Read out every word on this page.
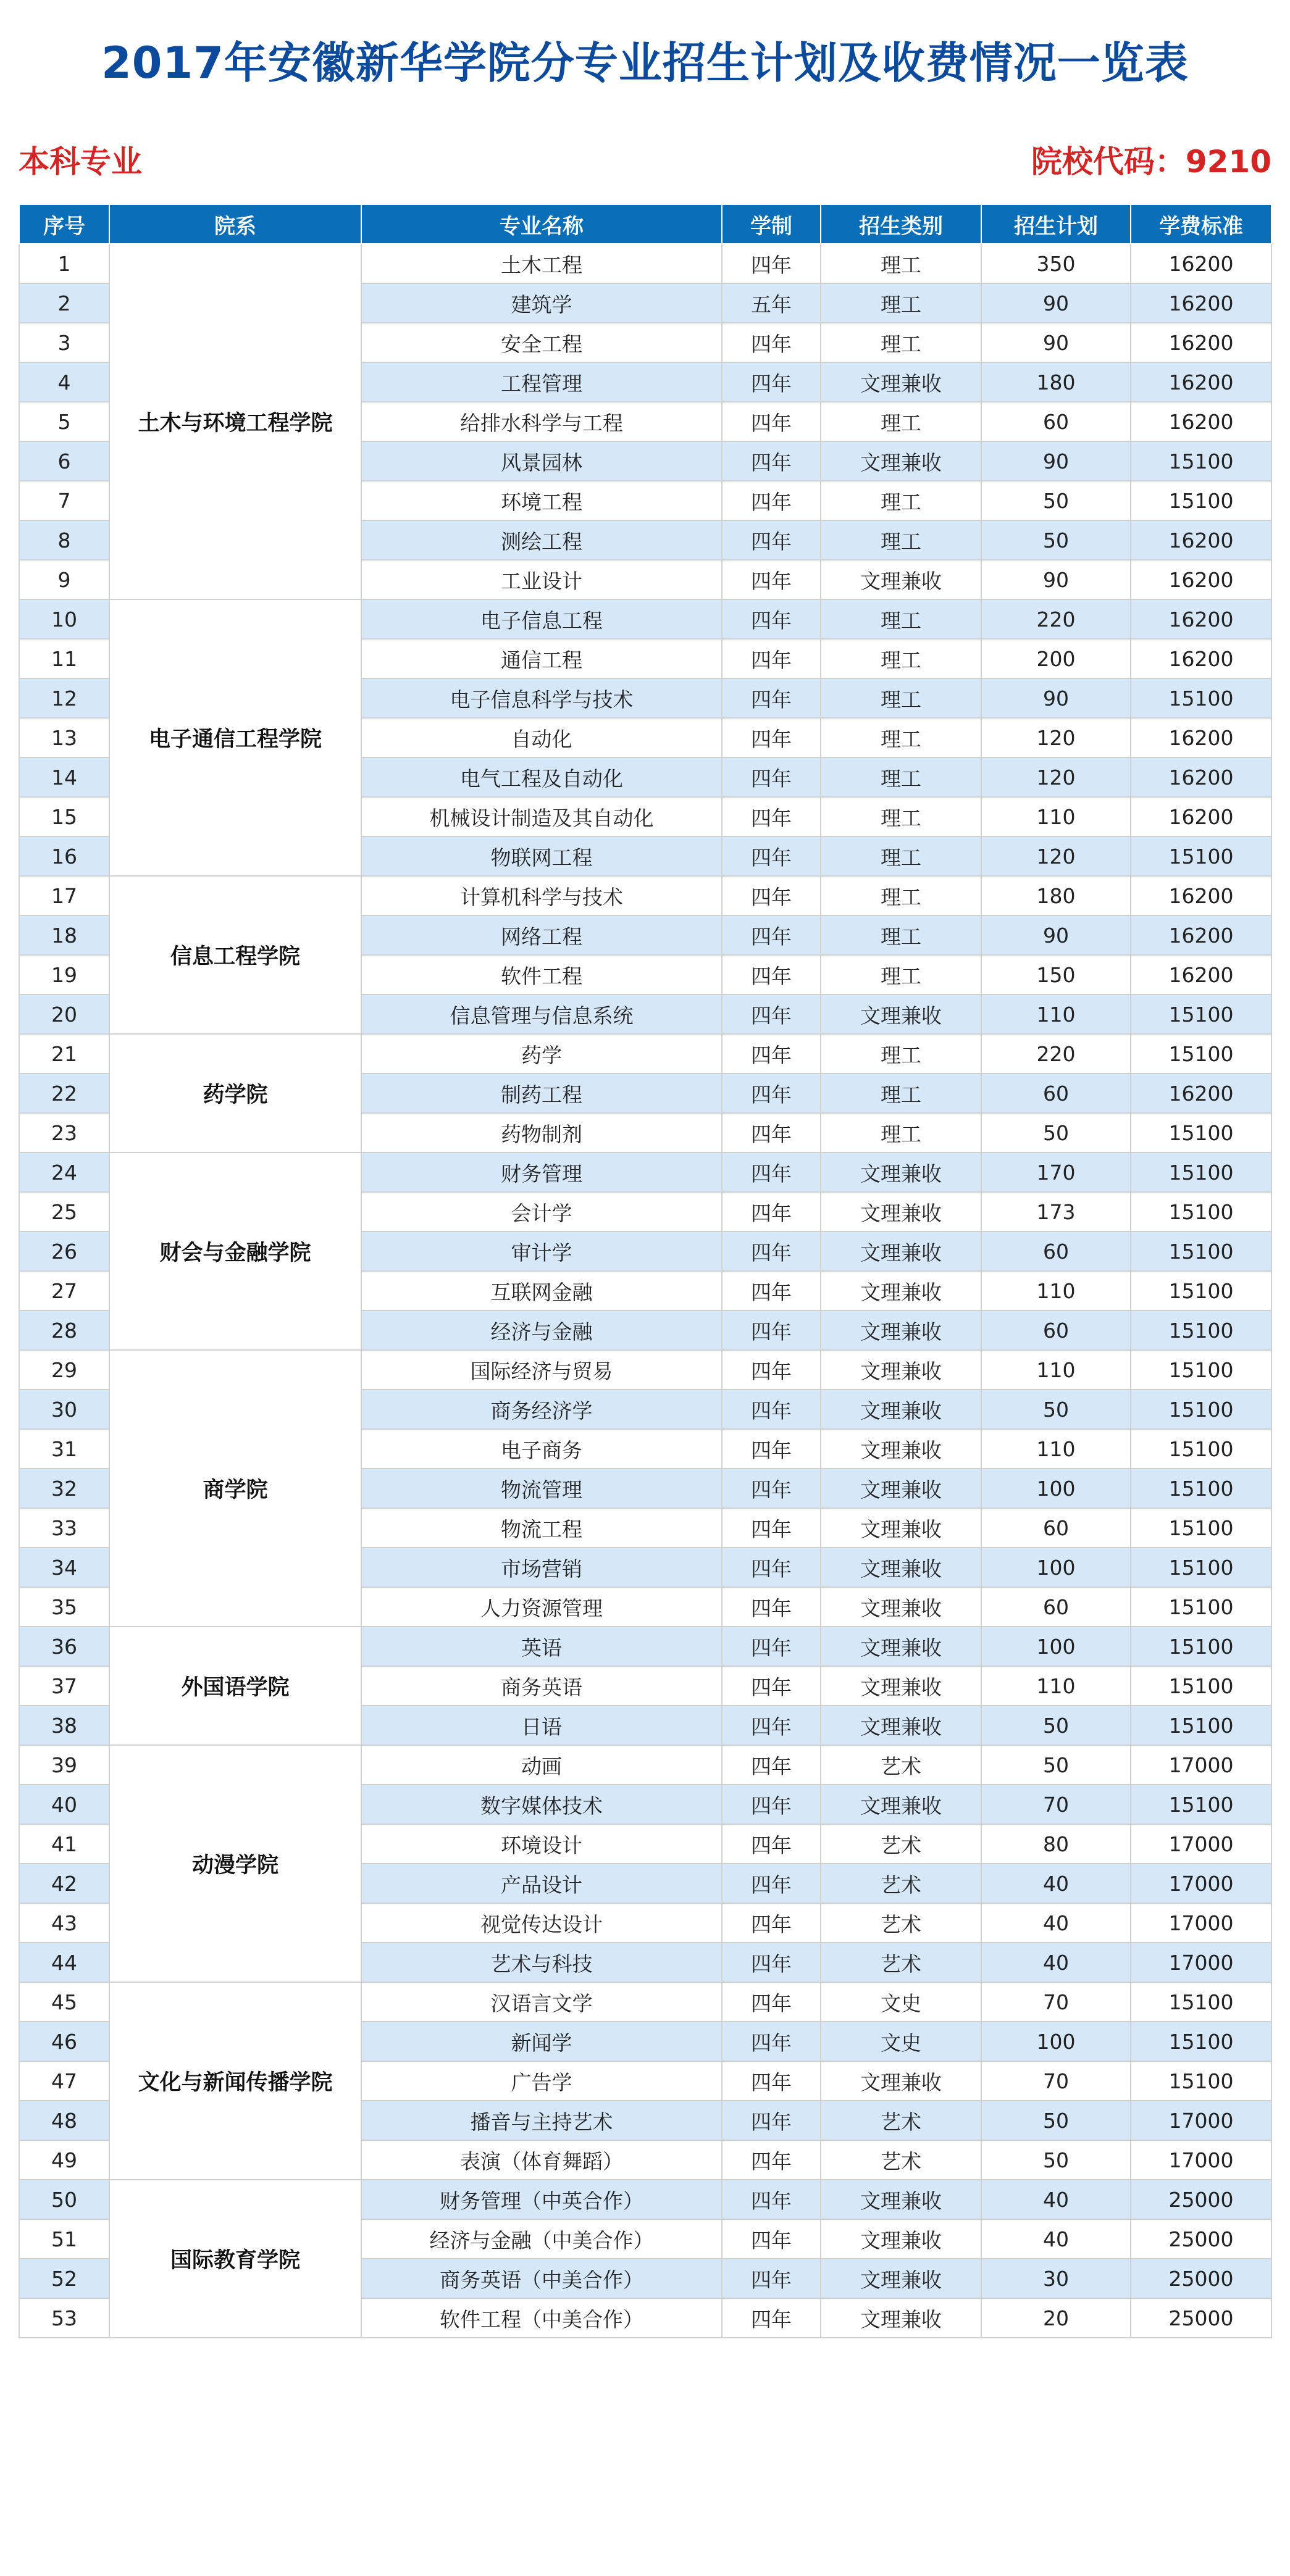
2017年安徽新华学院分专业招生计划及收费情况一览表
本科专业	院校代码：9210
序号	院系	专业名称	学制	招生类别	招生计划	学费标准
1	土木与环境工程学院	土木工程	四年	理工	350	16200
2		建筑学	五年	理工	90	16200
3		安全工程	四年	理工	90	16200
4		工程管理	四年	文理兼收	180	16200
5		给排水科学与工程	四年	理工	60	16200
6		风景园林	四年	文理兼收	90	15100
7		环境工程	四年	理工	50	15100
8		测绘工程	四年	理工	50	16200
9		工业设计	四年	文理兼收	90	16200
10	电子通信工程学院	电子信息工程	四年	理工	220	16200
11		通信工程	四年	理工	200	16200
12		电子信息科学与技术	四年	理工	90	15100
13		自动化	四年	理工	120	16200
14		电气工程及自动化	四年	理工	120	16200
15		机械设计制造及其自动化	四年	理工	110	16200
16		物联网工程	四年	理工	120	15100
17	信息工程学院	计算机科学与技术	四年	理工	180	16200
18		网络工程	四年	理工	90	16200
19		软件工程	四年	理工	150	16200
20		信息管理与信息系统	四年	文理兼收	110	15100
21	药学院	药学	四年	理工	220	15100
22		制药工程	四年	理工	60	16200
23		药物制剂	四年	理工	50	15100
24	财会与金融学院	财务管理	四年	文理兼收	170	15100
25		会计学	四年	文理兼收	173	15100
26		审计学	四年	文理兼收	60	15100
27		互联网金融	四年	文理兼收	110	15100
28		经济与金融	四年	文理兼收	60	15100
29	商学院	国际经济与贸易	四年	文理兼收	110	15100
30		商务经济学	四年	文理兼收	50	15100
31		电子商务	四年	文理兼收	110	15100
32		物流管理	四年	文理兼收	100	15100
33		物流工程	四年	文理兼收	60	15100
34		市场营销	四年	文理兼收	100	15100
35		人力资源管理	四年	文理兼收	60	15100
36	外国语学院	英语	四年	文理兼收	100	15100
37		商务英语	四年	文理兼收	110	15100
38		日语	四年	文理兼收	50	15100
39	动漫学院	动画	四年	艺术	50	17000
40		数字媒体技术	四年	文理兼收	70	15100
41		环境设计	四年	艺术	80	17000
42		产品设计	四年	艺术	40	17000
43		视觉传达设计	四年	艺术	40	17000
44		艺术与科技	四年	艺术	40	17000
45	文化与新闻传播学院	汉语言文学	四年	文史	70	15100
46		新闻学	四年	文史	100	15100
47		广告学	四年	文理兼收	70	15100
48		播音与主持艺术	四年	艺术	50	17000
49		表演（体育舞蹈）	四年	艺术	50	17000
50	国际教育学院	财务管理（中英合作）	四年	文理兼收	40	25000
51		经济与金融（中美合作）	四年	文理兼收	40	25000
52		商务英语（中美合作）	四年	文理兼收	30	25000
53		软件工程（中美合作）	四年	文理兼收	20	25000
